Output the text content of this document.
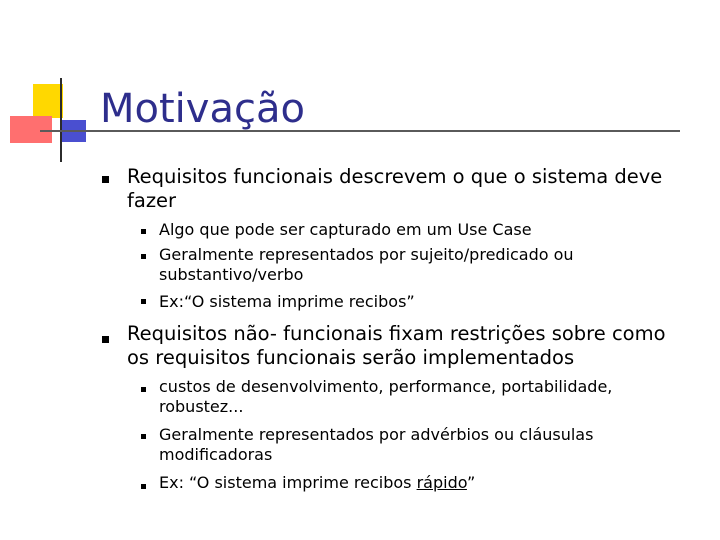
Motivação
Requisitos funcionais descrevem o que o sistema deve fazer
Algo que pode ser capturado em um Use Case
Geralmente representados por sujeito/predicado ou substantivo/verbo
Ex:“O sistema imprime recibos”
Requisitos não- funcionais fixam restrições sobre como os requisitos funcionais serão implementados
custos de desenvolvimento, performance, portabilidade, robustez...
Geralmente representados por advérbios ou cláusulas modificadoras
Ex: “O sistema imprime recibos rápido”
